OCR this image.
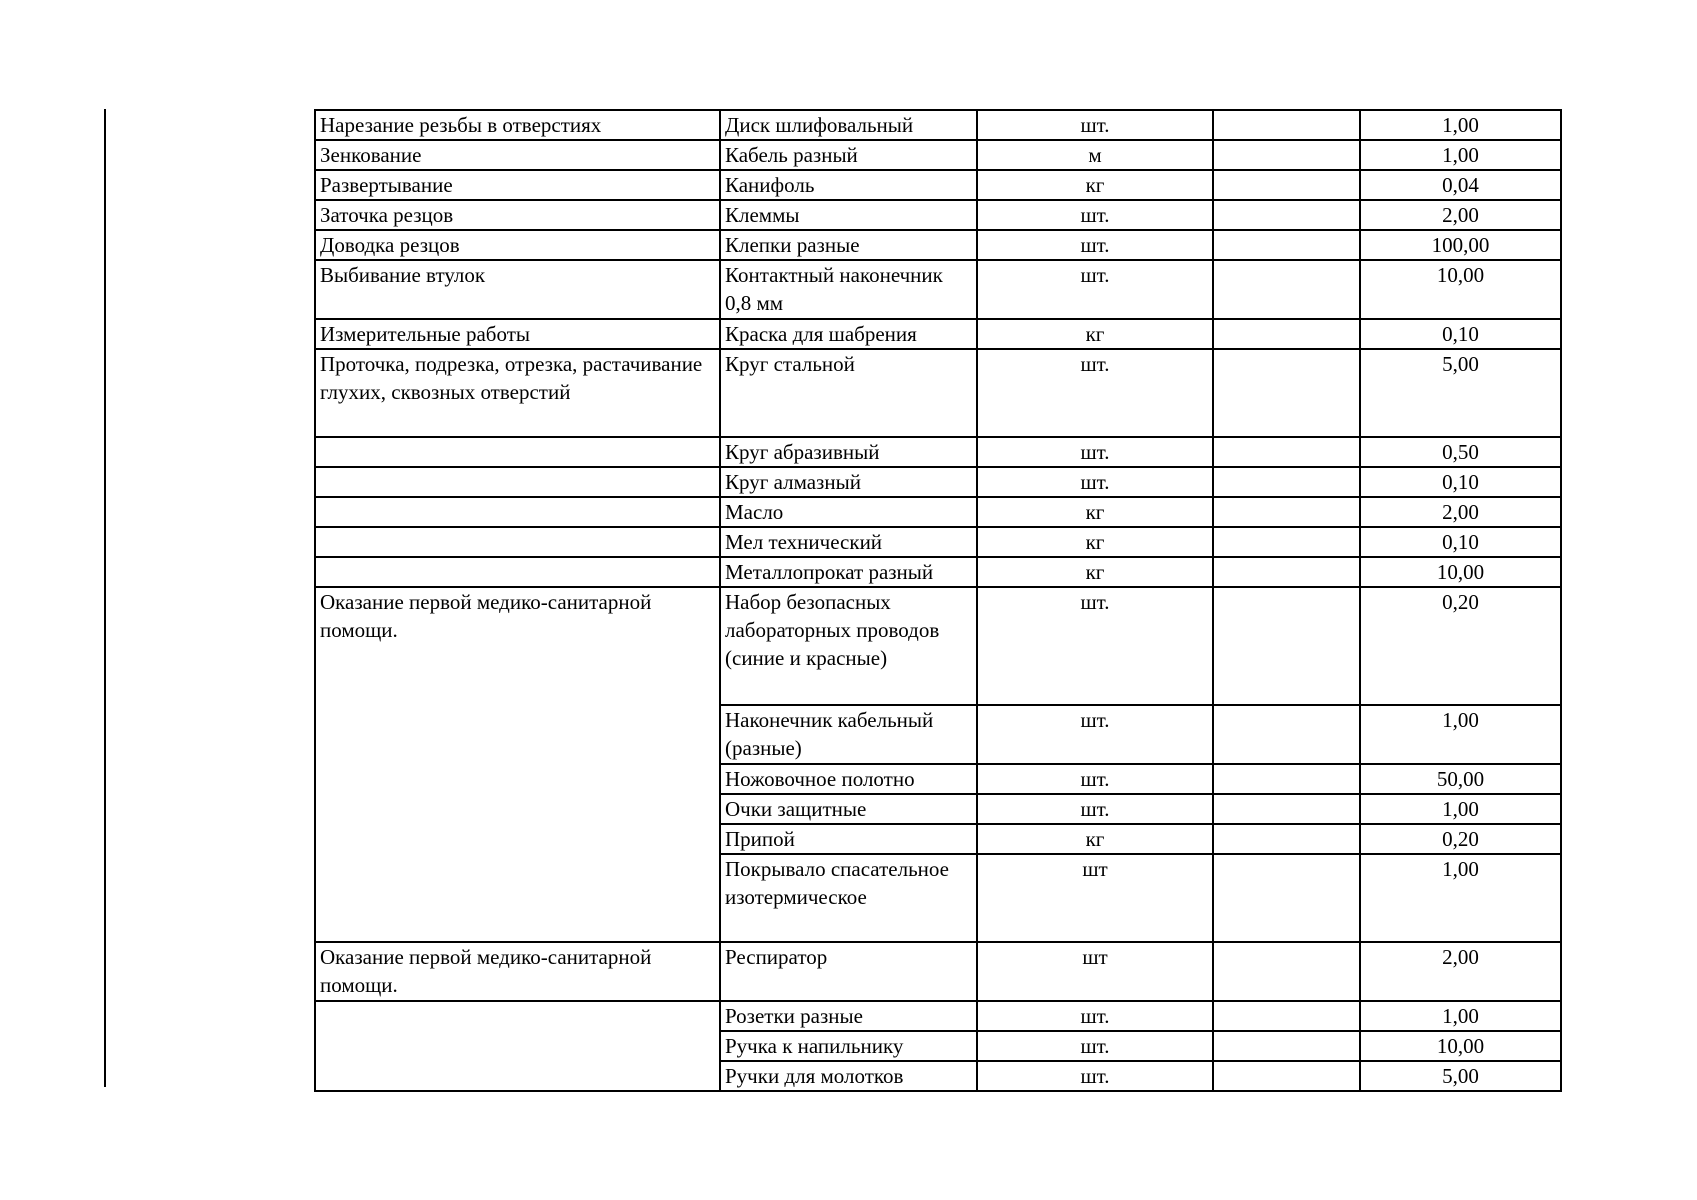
Нарезание резьбы в отверстиях	Диск шлифовальный	шт.		1,00
Зенкование	Кабель разный	м		1,00
Развертывание	Канифоль	кг		0,04
Заточка резцов	Клеммы	шт.		2,00
Доводка резцов	Клепки разные	шт.		100,00
Выбивание втулок	Контактный наконечник 0,8 мм	шт.		10,00
Измерительные работы	Краска для шабрения	кг		0,10
Проточка, подрезка, отрезка, растачивание глухих, сквозных отверстий	Круг стальной	шт.		5,00
	Круг абразивный	шт.		0,50
	Круг алмазный	шт.		0,10
	Масло	кг		2,00
	Мел технический	кг		0,10
	Металлопрокат разный	кг		10,00
Оказание первой медико-санитарной помощи.	Набор безопасных лабораторных проводов (синие и красные)	шт.		0,20
	Наконечник кабельный (разные)	шт.		1,00
	Ножовочное полотно	шт.		50,00
	Очки защитные	шт.		1,00
	Припой	кг		0,20
	Покрывало спасательное изотермическое	шт		1,00
Оказание первой медико-санитарной помощи.	Респиратор	шт		2,00
	Розетки разные	шт.		1,00
	Ручка к напильнику	шт.		10,00
	Ручки для молотков	шт.		5,00
